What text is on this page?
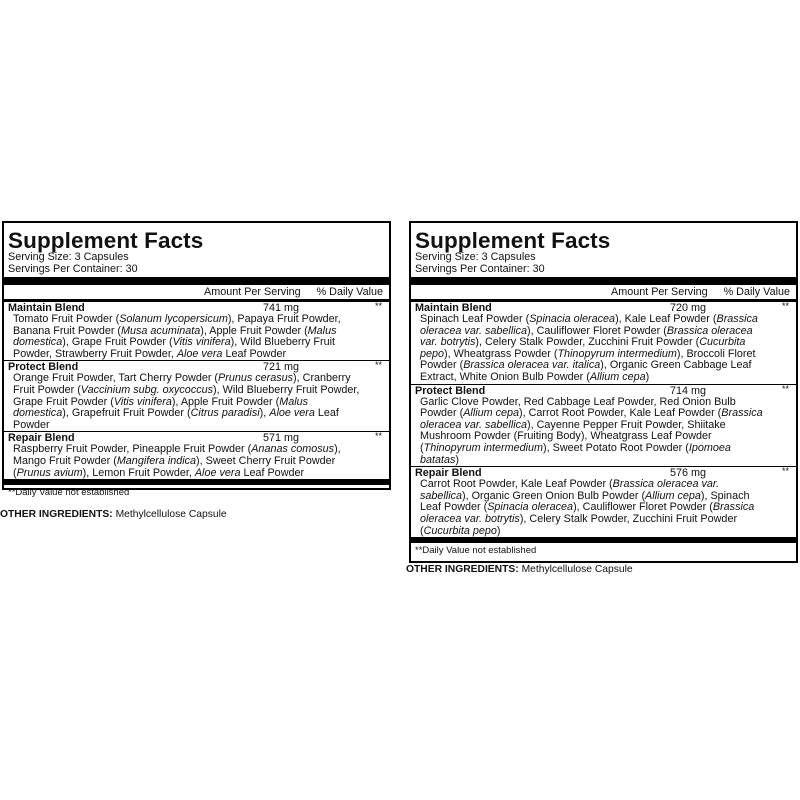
Supplement Facts
Serving Size: 3 Capsules
Servings Per Container: 30
Amount Per Serving % Daily Value
Maintain Blend	741 mg	**
Tomato Fruit Powder (Solanum lycopersicum), Papaya Fruit Powder,
Banana Fruit Powder (Musa acuminata), Apple Fruit Powder (Malus
domestica), Grape Fruit Powder (Vitis vinifera), Wild Blueberry Fruit
Powder, Strawberry Fruit Powder, Aloe vera Leaf Powder
Protect Blend	721 mg	**
Orange Fruit Powder, Tart Cherry Powder (Prunus cerasus), Cranberry
Fruit Powder (Vaccinium subg. oxycoccus), Wild Blueberry Fruit Powder,
Grape Fruit Powder (Vitis vinifera), Apple Fruit Powder (Malus
domestica), Grapefruit Fruit Powder (Citrus paradisi), Aloe vera Leaf
Powder
Repair Blend	571 mg	**
Raspberry Fruit Powder, Pineapple Fruit Powder (Ananas comosus),
Mango Fruit Powder (Mangifera indica), Sweet Cherry Fruit Powder
(Prunus avium), Lemon Fruit Powder, Aloe vera Leaf Powder
**Daily Value not established
OTHER INGREDIENTS: Methylcellulose Capsule
Supplement Facts
Serving Size: 3 Capsules
Servings Per Container: 30
Amount Per Serving % Daily Value
Maintain Blend	720 mg	**
Spinach Leaf Powder (Spinacia oleracea), Kale Leaf Powder (Brassica
oleracea var. sabellica), Cauliflower Floret Powder (Brassica oleracea
var. botrytis), Celery Stalk Powder, Zucchini Fruit Powder (Cucurbita
pepo), Wheatgrass Powder (Thinopyrum intermedium), Broccoli Floret
Powder (Brassica oleracea var. italica), Organic Green Cabbage Leaf
Extract, White Onion Bulb Powder (Allium cepa)
Protect Blend	714 mg	**
Garlic Clove Powder, Red Cabbage Leaf Powder, Red Onion Bulb
Powder (Allium cepa), Carrot Root Powder, Kale Leaf Powder (Brassica
oleracea var. sabellica), Cayenne Pepper Fruit Powder, Shiitake
Mushroom Powder (Fruiting Body), Wheatgrass Leaf Powder
(Thinopyrum intermedium), Sweet Potato Root Powder (Ipomoea
batatas)
Repair Blend	576 mg	**
Carrot Root Powder, Kale Leaf Powder (Brassica oleracea var.
sabellica), Organic Green Onion Bulb Powder (Allium cepa), Spinach
Leaf Powder (Spinacia oleracea), Cauliflower Floret Powder (Brassica
oleracea var. botrytis), Celery Stalk Powder, Zucchini Fruit Powder
(Cucurbita pepo)
**Daily Value not established
OTHER INGREDIENTS: Methylcellulose Capsule
